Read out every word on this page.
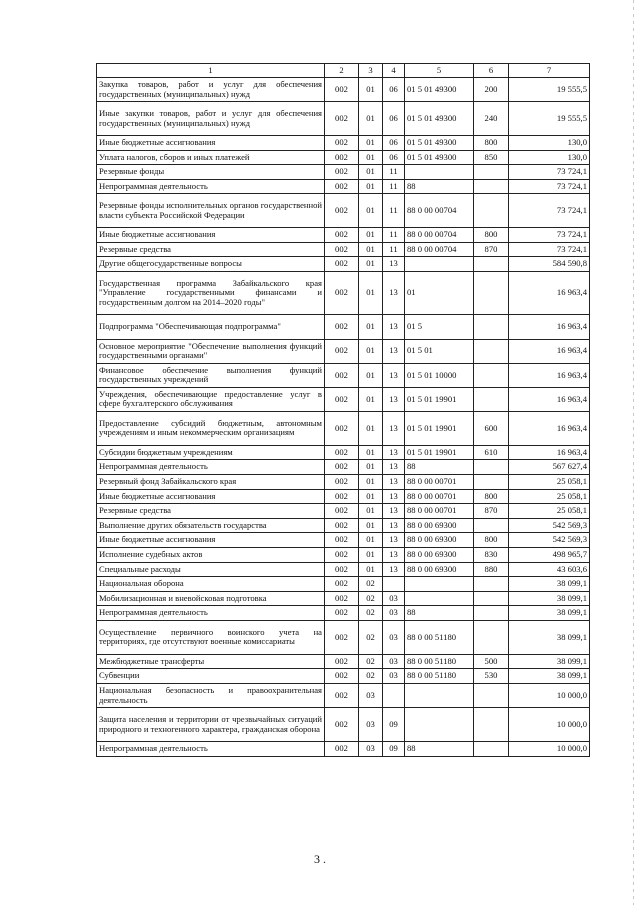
1	2	3	4	5	6	7
Закупка товаров, работ и услуг для обеспечения государственных (муниципальных) нужд	002	01	06	01 5 01 49300	200	19 555,5
Иные закупки товаров, работ и услуг для обеспечения государственных (муниципальных) нужд	002	01	06	01 5 01 49300	240	19 555,5
Иные бюджетные ассигнования	002	01	06	01 5 01 49300	800	130,0
Уплата налогов, сборов и иных платежей	002	01	06	01 5 01 49300	850	130,0
Резервные фонды	002	01	11			73 724,1
Непрограммная деятельность	002	01	11	88		73 724,1
Резервные фонды исполнительных органов государственной власти субъекта Российской Федерации	002	01	11	88 0 00 00704		73 724,1
Иные бюджетные ассигнования	002	01	11	88 0 00 00704	800	73 724,1
Резервные средства	002	01	11	88 0 00 00704	870	73 724,1
Другие общегосударственные вопросы	002	01	13			584 590,8
Государственная программа Забайкальского края "Управление государственными финансами и государственным долгом на 2014–2020 годы"	002	01	13	01		16 963,4
Подпрограмма "Обеспечивающая подпрограмма"	002	01	13	01 5		16 963,4
Основное мероприятие "Обеспечение выполнения функций государственными органами"	002	01	13	01 5 01		16 963,4
Финансовое обеспечение выполнения функций государственных учреждений	002	01	13	01 5 01 10000		16 963,4
Учреждения, обеспечивающие предоставление услуг в сфере бухгалтерского обслуживания	002	01	13	01 5 01 19901		16 963,4
Предоставление субсидий бюджетным, автономным учреждениям и иным некоммерческим организациям	002	01	13	01 5 01 19901	600	16 963,4
Субсидии бюджетным учреждениям	002	01	13	01 5 01 19901	610	16 963,4
Непрограммная деятельность	002	01	13	88		567 627,4
Резервный фонд Забайкальского края	002	01	13	88 0 00 00701		25 058,1
Иные бюджетные ассигнования	002	01	13	88 0 00 00701	800	25 058,1
Резервные средства	002	01	13	88 0 00 00701	870	25 058,1
Выполнение других обязательств государства	002	01	13	88 0 00 69300		542 569,3
Иные бюджетные ассигнования	002	01	13	88 0 00 69300	800	542 569,3
Исполнение судебных актов	002	01	13	88 0 00 69300	830	498 965,7
Специальные расходы	002	01	13	88 0 00 69300	880	43 603,6
Национальная оборона	002	02				38 099,1
Мобилизационная и вневойсковая подготовка	002	02	03			38 099,1
Непрограммная деятельность	002	02	03	88		38 099,1
Осуществление первичного воинского учета на территориях, где отсутствуют военные комиссариаты	002	02	03	88 0 00 51180		38 099,1
Межбюджетные трансферты	002	02	03	88 0 00 51180	500	38 099,1
Субвенции	002	02	03	88 0 00 51180	530	38 099,1
Национальная безопасность и правоохранительная деятельность	002	03				10 000,0
Защита населения и территории от чрезвычайных ситуаций природного и техногенного характера, гражданская оборона	002	03	09			10 000,0
Непрограммная деятельность	002	03	09	88		10 000,0
3 .
